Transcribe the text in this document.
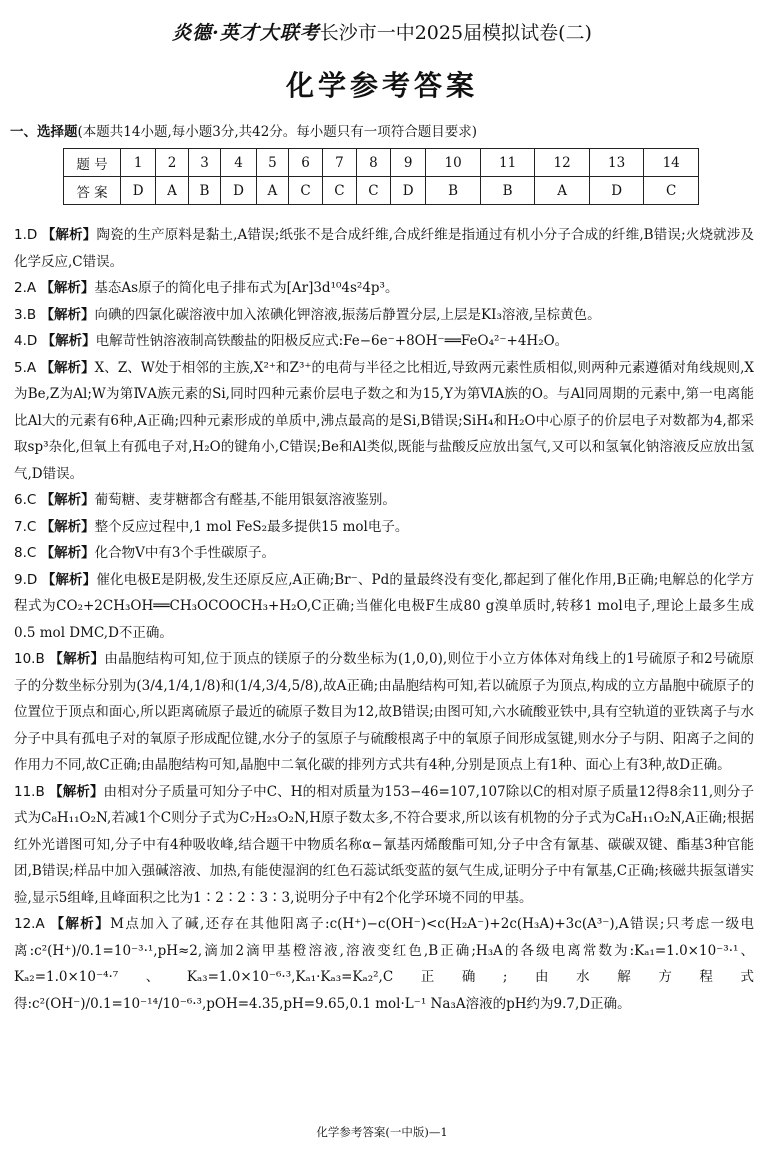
炎德·英才大联考长沙市一中2025届模拟试卷(二)
化学参考答案
一、选择题(本题共14小题,每小题3分,共42分。每小题只有一项符合题目要求)
题 号	1	2	3	4	5	6	7	8	9	10	11	12	13	14
答 案	D	A	B	D	A	C	C	C	D	B	B	A	D	C
1.D 【解析】陶瓷的生产原料是黏土,A错误;纸张不是合成纤维,合成纤维是指通过有机小分子合成的纤维,B错误;火烧就涉及化学反应,C错误。
2.A 【解析】基态As原子的简化电子排布式为[Ar]3d¹⁰4s²4p³。
3.B 【解析】向碘的四氯化碳溶液中加入浓碘化钾溶液,振荡后静置分层,上层是KI₃溶液,呈棕黄色。
4.D 【解析】电解苛性钠溶液制高铁酸盐的阳极反应式:Fe−6e⁻+8OH⁻══FeO₄²⁻+4H₂O。
5.A 【解析】X、Z、W处于相邻的主族,X²⁺和Z³⁺的电荷与半径之比相近,导致两元素性质相似,则两种元素遵循对角线规则,X为Be,Z为Al;W为第ⅣA族元素的Si,同时四种元素价层电子数之和为15,Y为第ⅥA族的O。与Al同周期的元素中,第一电离能比Al大的元素有6种,A正确;四种元素形成的单质中,沸点最高的是Si,B错误;SiH₄和H₂O中心原子的价层电子对数都为4,都采取sp³杂化,但氧上有孤电子对,H₂O的键角小,C错误;Be和Al类似,既能与盐酸反应放出氢气,又可以和氢氧化钠溶液反应放出氢气,D错误。
6.C 【解析】葡萄糖、麦芽糖都含有醛基,不能用银氨溶液鉴别。
7.C 【解析】整个反应过程中,1 mol FeS₂最多提供15 mol电子。
8.C 【解析】化合物Ⅴ中有3个手性碳原子。
9.D 【解析】催化电极E是阴极,发生还原反应,A正确;Br⁻、Pd的量最终没有变化,都起到了催化作用,B正确;电解总的化学方程式为CO₂+2CH₃OH══CH₃OCOOCH₃+H₂O,C正确;当催化电极F生成80 g溴单质时,转移1 mol电子,理论上最多生成0.5 mol DMC,D不正确。
10.B 【解析】由晶胞结构可知,位于顶点的镁原子的分数坐标为(1,0,0),则位于小立方体体对角线上的1号硫原子和2号硫原子的分数坐标分别为(3/4,1/4,1/8)和(1/4,3/4,5/8),故A正确;由晶胞结构可知,若以硫原子为顶点,构成的立方晶胞中硫原子的位置位于顶点和面心,所以距离硫原子最近的硫原子数目为12,故B错误;由图可知,六水硫酸亚铁中,具有空轨道的亚铁离子与水分子中具有孤电子对的氧原子形成配位键,水分子的氢原子与硫酸根离子中的氧原子间形成氢键,则水分子与阴、阳离子之间的作用力不同,故C正确;由晶胞结构可知,晶胞中二氧化碳的排列方式共有4种,分别是顶点上有1种、面心上有3种,故D正确。
11.B 【解析】由相对分子质量可知分子中C、H的相对质量为153−46=107,107除以C的相对原子质量12得8余11,则分子式为C₈H₁₁O₂N,若减1个C则分子式为C₇H₂₃O₂N,H原子数太多,不符合要求,所以该有机物的分子式为C₈H₁₁O₂N,A正确;根据红外光谱图可知,分子中有4种吸收峰,结合题干中物质名称α−氰基丙烯酸酯可知,分子中含有氰基、碳碳双键、酯基3种官能团,B错误;样品中加入强碱溶液、加热,有能使湿润的红色石蕊试纸变蓝的氨气生成,证明分子中有氰基,C正确;核磁共振氢谱实验,显示5组峰,且峰面积之比为1∶2∶2∶3∶3,说明分子中有2个化学环境不同的甲基。
12.A 【解析】M点加入了碱,还存在其他阳离子:c(H⁺)−c(OH⁻)<c(H₂A⁻)+2c(H₃A)+3c(A³⁻),A错误;只考虑一级电离:c²(H⁺)/0.1=10⁻³·¹,pH≈2,滴加2滴甲基橙溶液,溶液变红色,B正确;H₃A的各级电离常数为:Kₐ₁=1.0×10⁻³·¹、Kₐ₂=1.0×10⁻⁴·⁷、Kₐ₃=1.0×10⁻⁶·³,Kₐ₁·Kₐ₃=Kₐ₂²,C正确;由水解方程式得:c²(OH⁻)/0.1=10⁻¹⁴/10⁻⁶·³,pOH=4.35,pH=9.65,0.1 mol·L⁻¹ Na₃A溶液的pH约为9.7,D正确。
化学参考答案(一中版)—1
